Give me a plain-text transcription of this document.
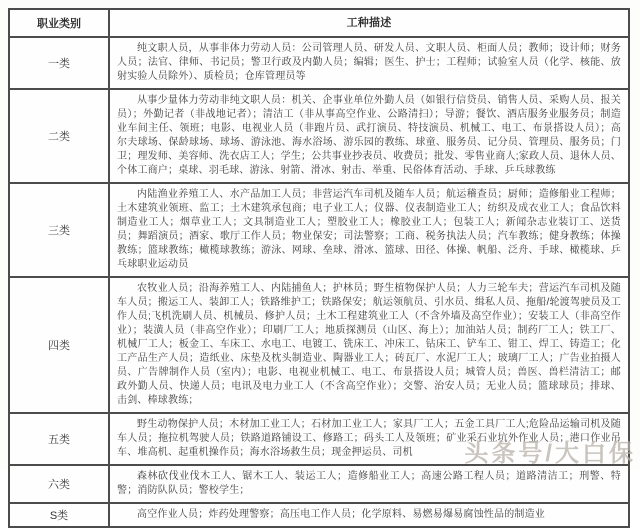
职业类别	工种描述
一类
纯文职人员，从事非体力劳动人员：公司管理人员、研发人员、文职人员、柜面人员；教师；设计师；财务人员；法官、律师、书记员；警卫行政及内勤人员；编辑；医生、护士；工程师；试验室人员（化学、核能、放射实验人员除外）、质检员；仓库管理员等
二类
从事少量体力劳动非纯文职人员：机关、企事业单位外勤人员（如银行信贷员、销售人员、采购人员、报关员）；外勤记者（非战地记者）；清洁工（非从事高空作业、公路清扫）；导游；餐饮、酒店服务业服务员；制造业车间主任、领班；电影、电视业人员（非跑片员、武打演员、特技演员、机械工、电工、布景搭设人员）；高尔夫球场、保龄球场、球场、游泳池、海水浴场、游乐园的教练、球童、服务员、记分员、管理员、服务员；门卫；理发师、美容师、洗衣店工人；学生；公共事业抄表员、收费员；批发、零售业商人;家政人员、退休人员、个体工商户；桌球、羽毛球、游泳、射箭、滑冰、射击、举重、民俗体育活动、手球、乒乓球教练
三类
内陆渔业养殖工人、水产品加工人员；非营运汽车司机及随车人员；航运稽查员；厨师；造修船业工程师；土木建筑业领班、监工；土木建筑承包商；电子业工人；仪器、仪表制造业工人；纺织及成衣业工人；食品饮料制造业工人；烟草业工人；文具制造业工人；塑胶业工人；橡胶业工人；包装工人；新闻杂志业装订工、送货员；舞蹈演员；酒家、歌厅工作人员；物业保安；司法警察；工商、税务执法人员；汽车教练；健身教练；体操教练；篮球教练；橄榄球教练；游泳、网球、垒球、滑冰、篮球、田径、体操、帆船、泛舟、手球、橄榄球、乒乓球职业运动员
四类
农牧业人员；沿海养殖工人、内陆捕鱼人；护林员；野生植物保护人员；人力三轮车夫；营运汽车司机及随车人员；搬运工人、装卸工人；铁路维护工；铁路保安；航运领航员、引水员、缉私人员、拖船/轮渡驾驶员及工作人员;飞机洗刷人员、机械员、修护人员；土木工程建筑业工人（不含外墙及高空作业）；安装工人（非高空作业）；装潢人员（非高空作业）；印刷厂工人；地质探测员（山区、海上）；加油站人员；制药厂工人；铁工厂、机械厂工人；板金工、车床工、水电工、电镀工、铣床工、冲床工、钻床工、铲车工、钳工、焊工、铸造工；化工产品生产人员；造纸业、床垫及枕头制造业、陶器业工人；砖瓦厂、水泥厂工人；玻璃厂工人；广告业拍摄人员、广告牌制作人员（室内）；电影、电视业机械工、电工、布景搭设人员；城管人员；兽医、兽栏清洁工；邮政外勤人员、快递人员；电讯及电力业工人（不含高空作业）；交警、治安人员；无业人员；篮球球员；排球、击剑、棒球教练；
五类
野生动物保护人员；木材加工业工人；石材加工业工人；家具厂工人；五金工具厂工人;危险品运输司机及随车人员；拖拉机驾驶人员；铁路道路铺设工、修路工；码头工人及领班；矿业采石业坑外作业人员；港口作业吊车、堆高机、起重机操作员；海水浴场救生员；现金押运员、司机
六类
森林砍伐业伐木工人、锯木工人、装运工人；造修船业工人；高速公路工程人员；道路清洁工；刑警、特警；消防队队员；警校学生；
S类	高空作业人员；炸药处理警察；高压电工作人员；化学原料、易燃易爆易腐蚀性品的制造业
头条号/大白保
